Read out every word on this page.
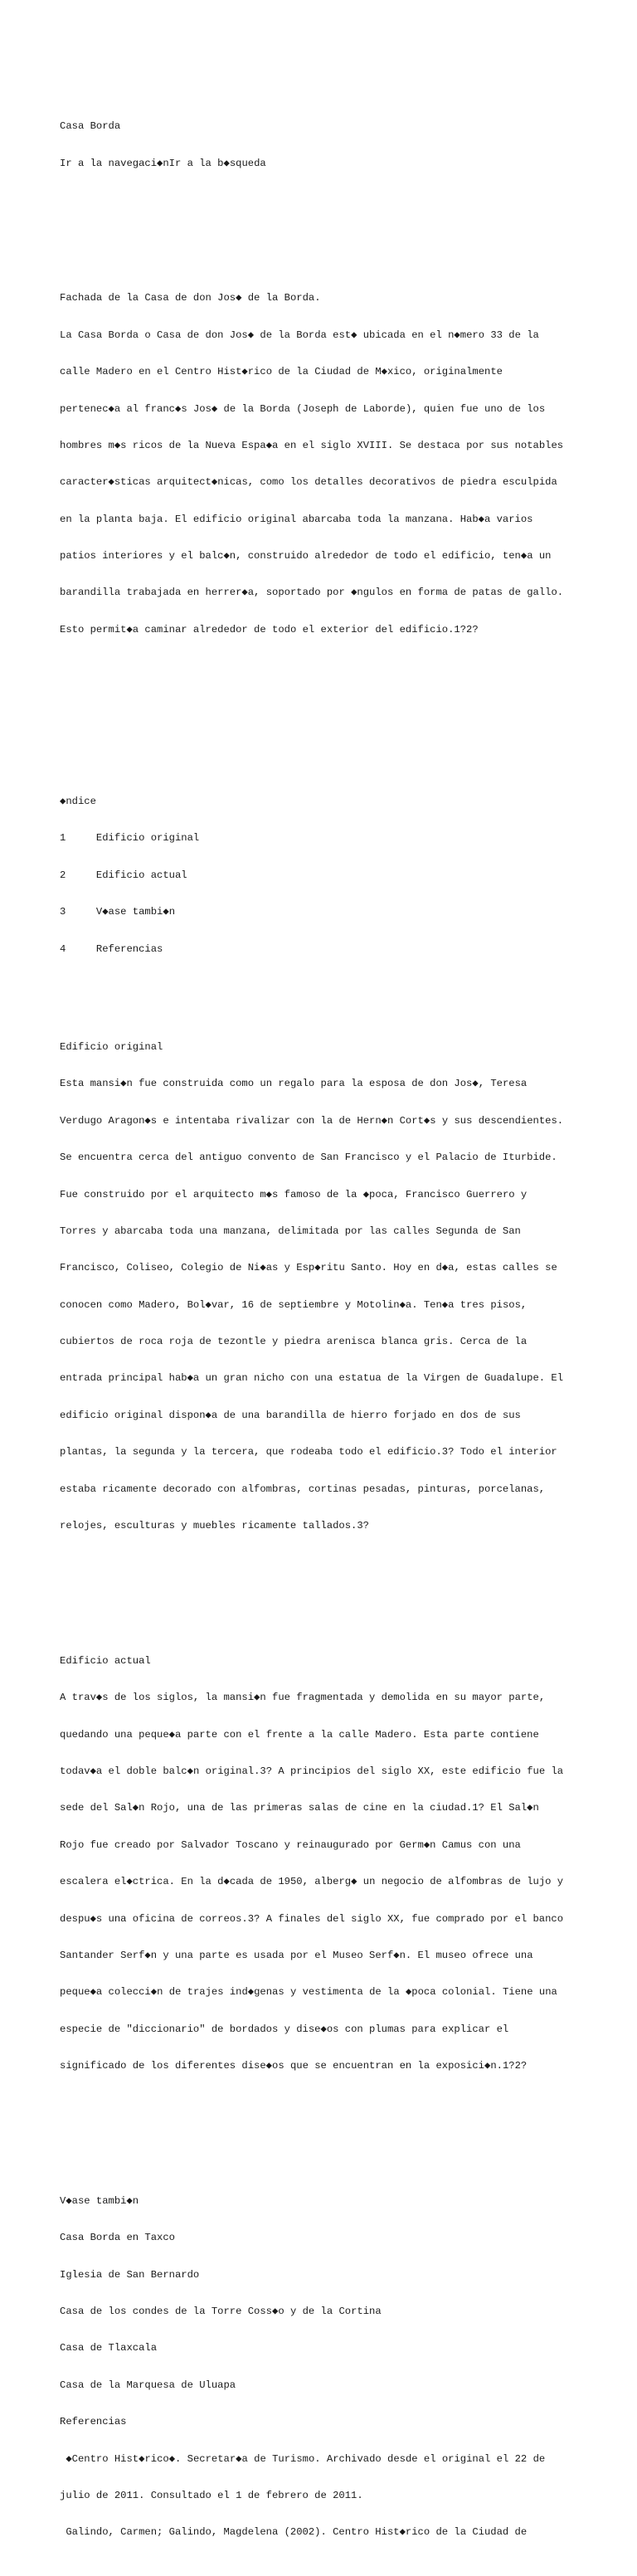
Casa Borda

Ir a la navegaci◆nIr a la b◆squeda

Fachada de la Casa de don Jos◆ de la Borda.

La Casa Borda o Casa de don Jos◆ de la Borda est◆ ubicada en el n◆mero 33 de la

calle Madero en el Centro Hist◆rico de la Ciudad de M◆xico, originalmente

pertenec◆a al franc◆s Jos◆ de la Borda (Joseph de Laborde), quien fue uno de los

hombres m◆s ricos de la Nueva Espa◆a en el siglo XVIII. Se destaca por sus notables

caracter◆sticas arquitect◆nicas, como los detalles decorativos de piedra esculpida

en la planta baja. El edificio original abarcaba toda la manzana. Hab◆a varios

patios interiores y el balc◆n, construido alrededor de todo el edificio, ten◆a un

barandilla trabajada en herrer◆a, soportado por ◆ngulos en forma de patas de gallo.

Esto permit◆a caminar alrededor de todo el exterior del edificio.1?2?

◆ndice

1     Edificio original

2     Edificio actual

3     V◆ase tambi◆n

4     Referencias

Edificio original

Esta mansi◆n fue construida como un regalo para la esposa de don Jos◆, Teresa

Verdugo Aragon◆s e intentaba rivalizar con la de Hern◆n Cort◆s y sus descendientes.

Se encuentra cerca del antiguo convento de San Francisco y el Palacio de Iturbide.

Fue construido por el arquitecto m◆s famoso de la ◆poca, Francisco Guerrero y

Torres y abarcaba toda una manzana, delimitada por las calles Segunda de San

Francisco, Coliseo, Colegio de Ni◆as y Esp◆ritu Santo. Hoy en d◆a, estas calles se

conocen como Madero, Bol◆var, 16 de septiembre y Motolin◆a. Ten◆a tres pisos,

cubiertos de roca roja de tezontle y piedra arenisca blanca gris. Cerca de la

entrada principal hab◆a un gran nicho con una estatua de la Virgen de Guadalupe. El

edificio original dispon◆a de una barandilla de hierro forjado en dos de sus

plantas, la segunda y la tercera, que rodeaba todo el edificio.3? Todo el interior

estaba ricamente decorado con alfombras, cortinas pesadas, pinturas, porcelanas,

relojes, esculturas y muebles ricamente tallados.3?

Edificio actual

A trav◆s de los siglos, la mansi◆n fue fragmentada y demolida en su mayor parte,

quedando una peque◆a parte con el frente a la calle Madero. Esta parte contiene

todav◆a el doble balc◆n original.3? A principios del siglo XX, este edificio fue la

sede del Sal◆n Rojo, una de las primeras salas de cine en la ciudad.1? El Sal◆n

Rojo fue creado por Salvador Toscano y reinaugurado por Germ◆n Camus con una

escalera el◆ctrica. En la d◆cada de 1950, alberg◆ un negocio de alfombras de lujo y

despu◆s una oficina de correos.3? A finales del siglo XX, fue comprado por el banco

Santander Serf◆n y una parte es usada por el Museo Serf◆n. El museo ofrece una

peque◆a colecci◆n de trajes ind◆genas y vestimenta de la ◆poca colonial. Tiene una

especie de "diccionario" de bordados y dise◆os con plumas para explicar el

significado de los diferentes dise◆os que se encuentran en la exposici◆n.1?2?

V◆ase tambi◆n

Casa Borda en Taxco

Iglesia de San Bernardo

Casa de los condes de la Torre Coss◆o y de la Cortina

Casa de Tlaxcala

Casa de la Marquesa de Uluapa

Referencias

◆Centro Hist◆rico◆. Secretar◆a de Turismo. Archivado desde el original el 22 de

julio de 2011. Consultado el 1 de febrero de 2011.

Galindo, Carmen; Galindo, Magdelena (2002). Centro Hist◆rico de la Ciudad de
